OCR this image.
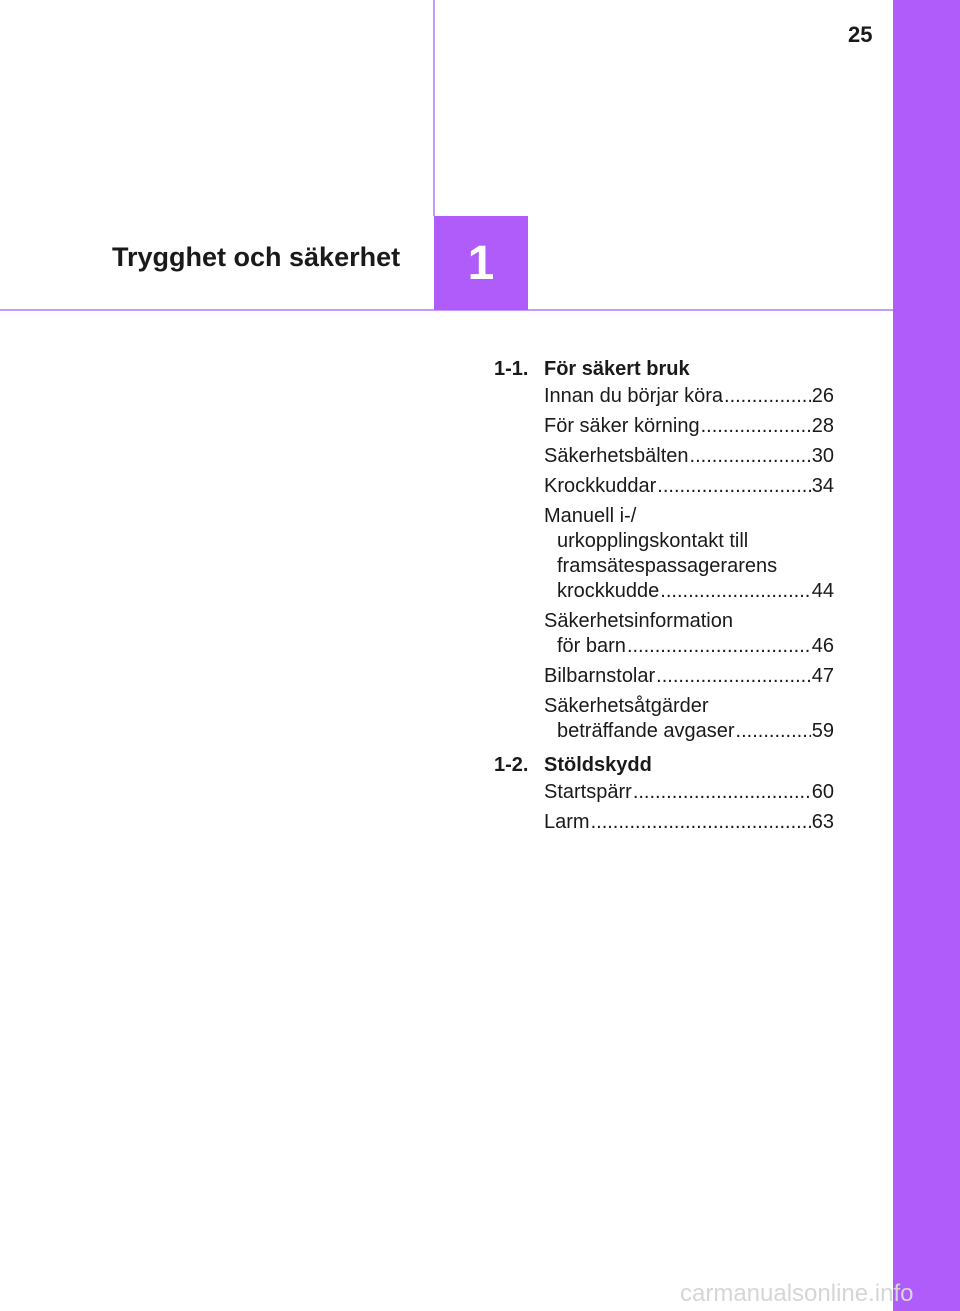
25
Trygghet och säkerhet 1
1-1. För säkert bruk
Innan du börjar köra .....	26
För säker körning .....	28
Säkerhetsbälten .....	30
Krockkuddar .....	34
Manuell i-/
urkopplingskontakt till
framsätespassagerarens
krockkudde .....	44
Säkerhetsinformation
för barn .....	46
Bilbarnstolar .....	47
Säkerhetsåtgärder
beträffande avgaser .....	59
1-2. Stöldskydd
Startspärr .....	60
Larm .....	63
carmanualsonline.info
